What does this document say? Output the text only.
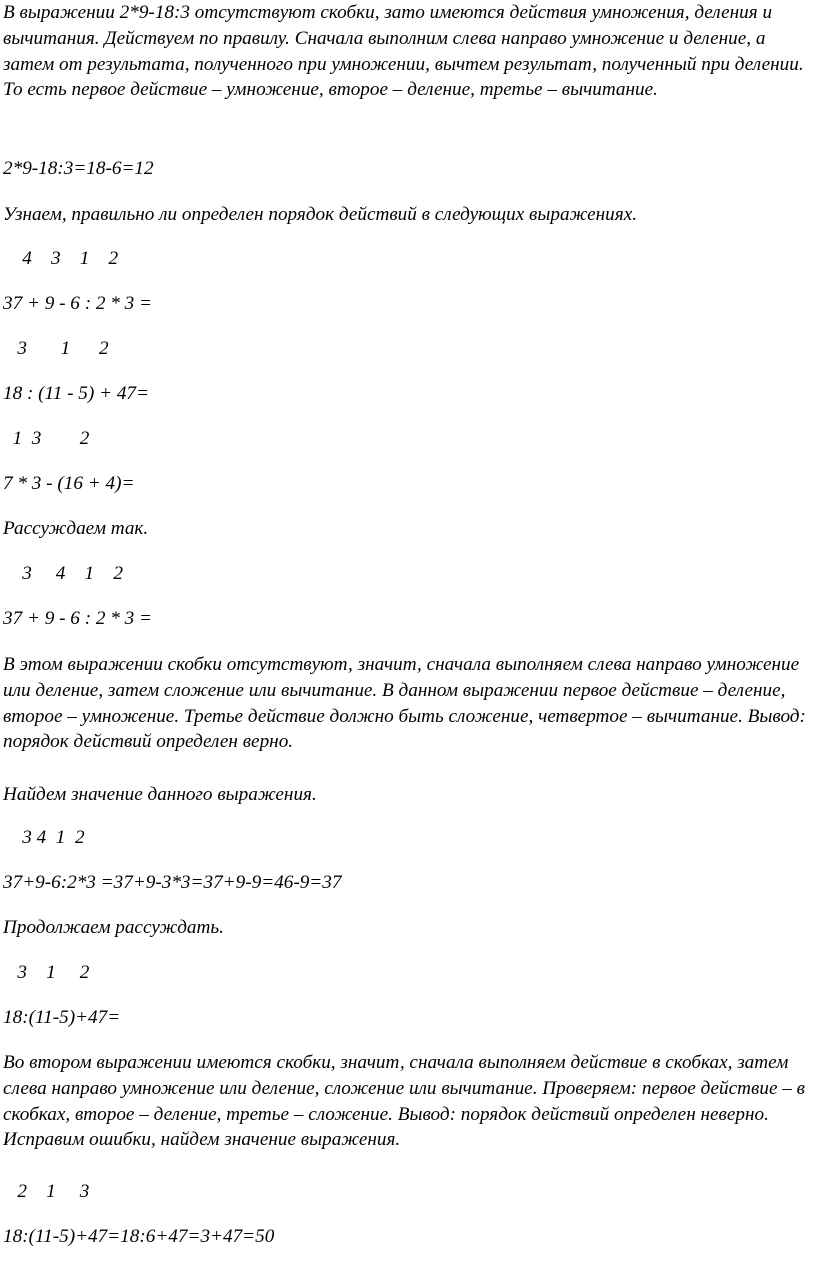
В выражении 2*9-18:3 отсутствуют скобки, зато имеются действия умножения, деления и вычитания. Действуем по правилу. Сначала выполним слева направо умножение и деление, а затем от результата, полученного при умножении, вычтем результат, полученный при делении. То есть первое действие – умножение, второе – деление, третье – вычитание.
2*9-18:3=18-6=12
Узнаем, правильно ли определен порядок действий в следующих выражениях.
4    3    1    2
37 + 9 - 6 : 2 * 3 =
3       1      2
18 : (11 - 5) + 47=
1  3        2
7 * 3 - (16 + 4)=
Рассуждаем так.
3     4    1    2
37 + 9 - 6 : 2 * 3 =
В этом выражении скобки отсутствуют, значит, сначала выполняем слева направо умножение или деление, затем сложение или вычитание. В данном выражении первое действие – деление, второе – умножение. Третье действие должно быть сложение, четвертое – вычитание. Вывод: порядок действий определен верно.
Найдем значение данного выражения.
3 4  1  2
37+9-6:2*3 =37+9-3*3=37+9-9=46-9=37
Продолжаем рассуждать.
3    1     2
18:(11-5)+47=
Во втором выражении имеются скобки, значит, сначала выполняем действие в скобках, затем слева направо умножение или деление, сложение или вычитание. Проверяем: первое действие – в скобках, второе – деление, третье – сложение. Вывод: порядок действий определен неверно. Исправим ошибки, найдем значение выражения.
2    1     3
18:(11-5)+47=18:6+47=3+47=50
